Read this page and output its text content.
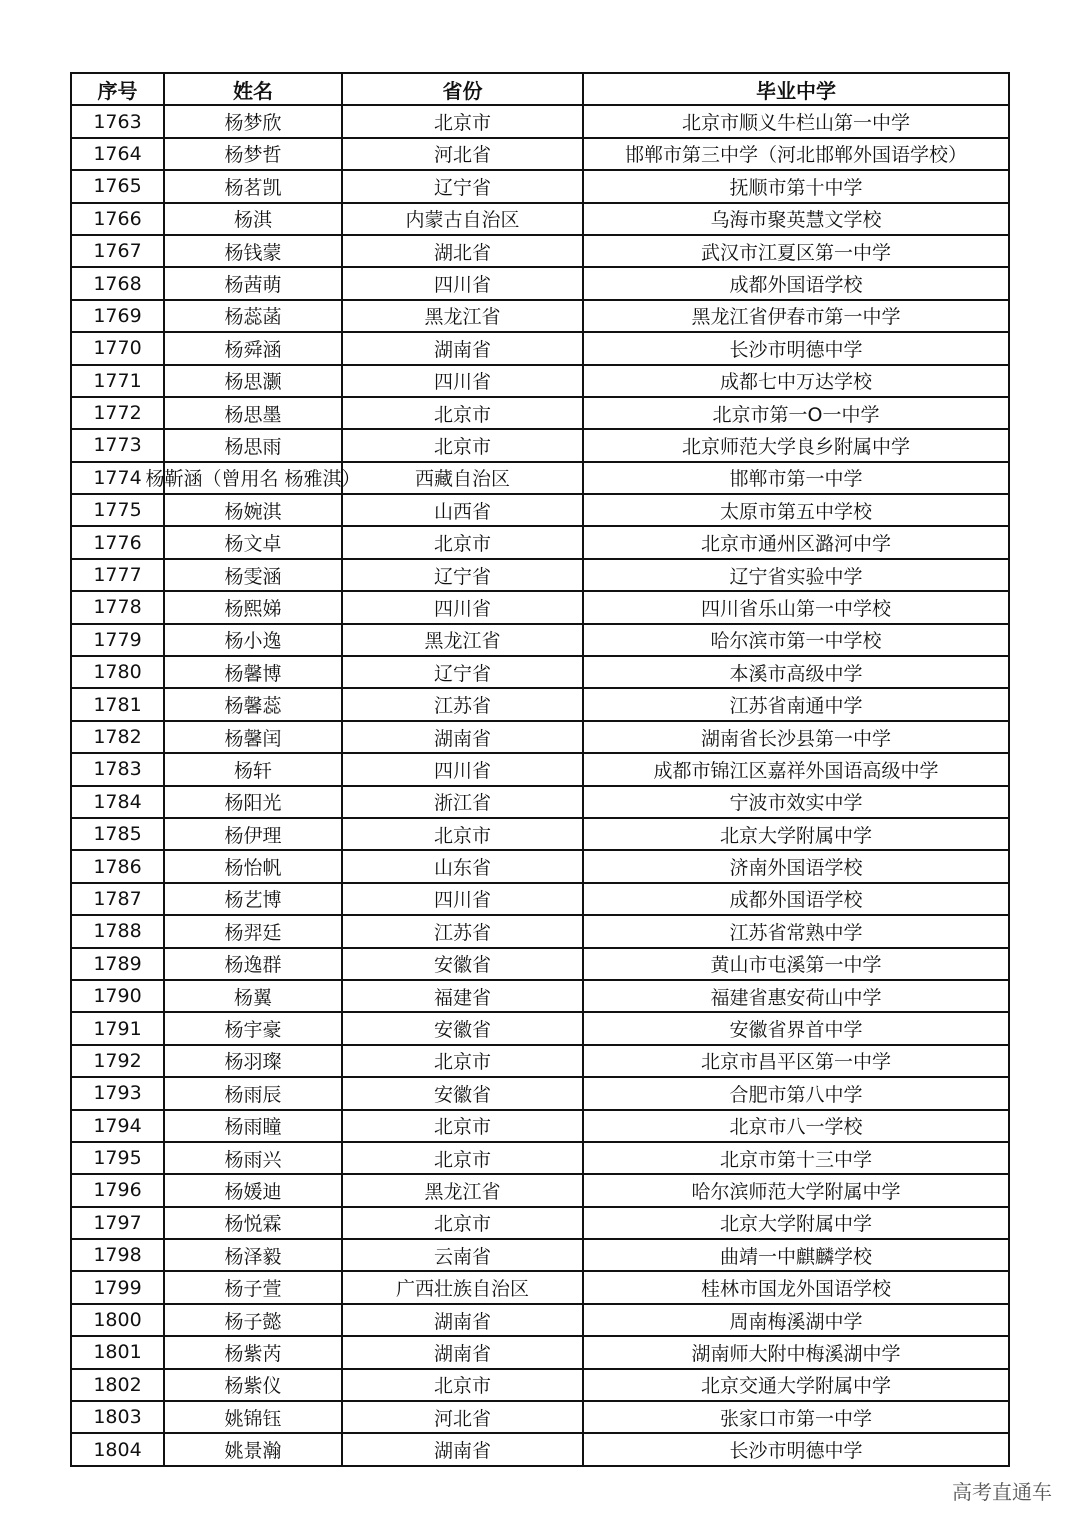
序号	姓名	省份	毕业中学

1763	杨梦欣	北京市	北京市顺义牛栏山第一中学

1764	杨梦哲	河北省	邯郸市第三中学（河北邯郸外国语学校）

1765	杨茗凯	辽宁省	抚顺市第十中学

1766	杨淇	内蒙古自治区	乌海市聚英慧文学校

1767	杨钱蒙	湖北省	武汉市江夏区第一中学

1768	杨茜萌	四川省	成都外国语学校

1769	杨蕊菡	黑龙江省	黑龙江省伊春市第一中学

1770	杨舜涵	湖南省	长沙市明德中学

1771	杨思灏	四川省	成都七中万达学校

1772	杨思墨	北京市	北京市第一O一中学

1773	杨思雨	北京市	北京师范大学良乡附属中学

1774	杨靳涵（曾用名 杨雅淇）	西藏自治区	邯郸市第一中学

1775	杨婉淇	山西省	太原市第五中学校

1776	杨文卓	北京市	北京市通州区潞河中学

1777	杨雯涵	辽宁省	辽宁省实验中学

1778	杨熙娣	四川省	四川省乐山第一中学校

1779	杨小逸	黑龙江省	哈尔滨市第一中学校

1780	杨馨博	辽宁省	本溪市高级中学

1781	杨馨蕊	江苏省	江苏省南通中学

1782	杨馨闰	湖南省	湖南省长沙县第一中学

1783	杨轩	四川省	成都市锦江区嘉祥外国语高级中学

1784	杨阳光	浙江省	宁波市效实中学

1785	杨伊理	北京市	北京大学附属中学

1786	杨怡帆	山东省	济南外国语学校

1787	杨艺博	四川省	成都外国语学校

1788	杨羿廷	江苏省	江苏省常熟中学

1789	杨逸群	安徽省	黄山市屯溪第一中学

1790	杨翼	福建省	福建省惠安荷山中学

1791	杨宇豪	安徽省	安徽省界首中学

1792	杨羽璨	北京市	北京市昌平区第一中学

1793	杨雨辰	安徽省	合肥市第八中学

1794	杨雨瞳	北京市	北京市八一学校

1795	杨雨兴	北京市	北京市第十三中学

1796	杨媛迪	黑龙江省	哈尔滨师范大学附属中学

1797	杨悦霖	北京市	北京大学附属中学

1798	杨泽毅	云南省	曲靖一中麒麟学校

1799	杨子萱	广西壮族自治区	桂林市国龙外国语学校

1800	杨子懿	湖南省	周南梅溪湖中学

1801	杨紫芮	湖南省	湖南师大附中梅溪湖中学

1802	杨紫仪	北京市	北京交通大学附属中学

1803	姚锦钰	河北省	张家口市第一中学

1804	姚景瀚	湖南省	长沙市明德中学
高考直通车
